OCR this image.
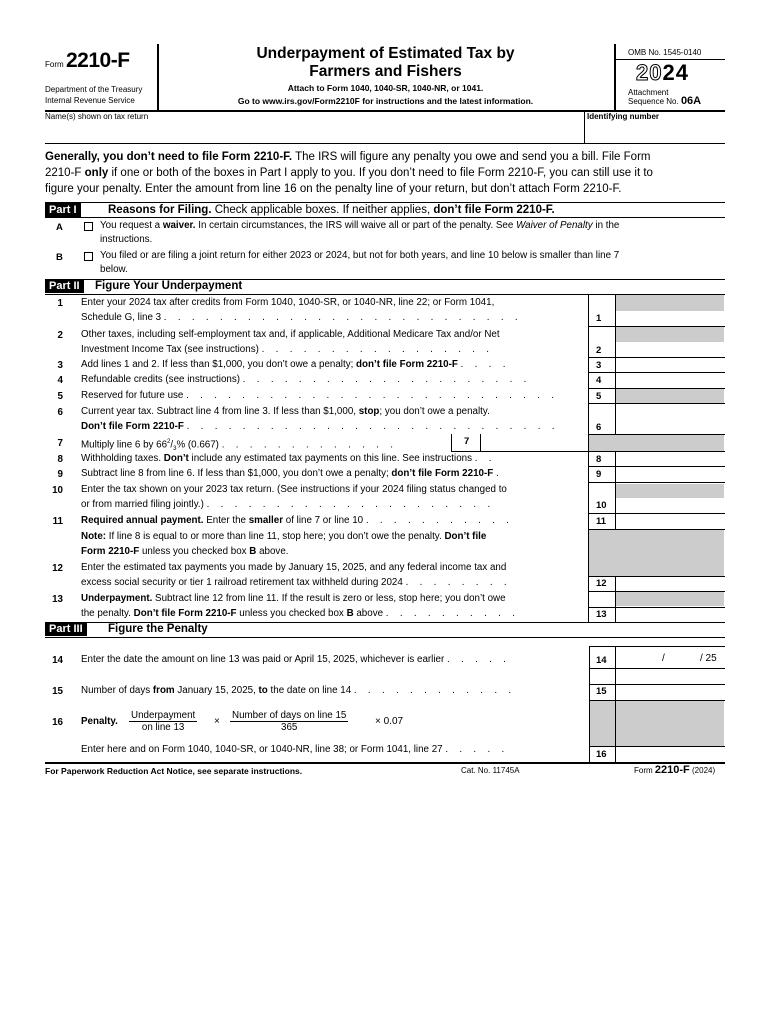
Form 2210-F
Department of the Treasury
Internal Revenue Service
Underpayment of Estimated Tax by
Farmers and Fishers
Attach to Form 1040, 1040-SR, 1040-NR, or 1041.
Go to www.irs.gov/Form2210F for instructions and the latest information.
OMB No. 1545-0140
2024
Attachment
Sequence No. 06A
Name(s) shown on tax return	Identifying number
Generally, you don’t need to file Form 2210-F. The IRS will figure any penalty you owe and send you a bill. File Form
2210-F only if one or both of the boxes in Part I apply to you. If you don’t need to file Form 2210-F, you can still use it to
figure your penalty. Enter the amount from line 16 on the penalty line of your return, but don’t attach Form 2210-F.
Part I	Reasons for Filing. Check applicable boxes. If neither applies, don’t file Form 2210-F.
A	You request a waiver. In certain circumstances, the IRS will waive all or part of the penalty. See Waiver of Penalty in the
instructions.
B	You filed or are filing a joint return for either 2023 or 2024, but not for both years, and line 10 below is smaller than line 7
below.
Part II	Figure Your Underpayment
1 Enter your 2024 tax after credits from Form 1040, 1040-SR, or 1040-NR, line 22; or Form 1041,
Schedule G, line 3 . . . . . . . . . . . . . . . . . . . . . . . . . .	1
2 Other taxes, including self-employment tax and, if applicable, Additional Medicare Tax and/or Net
Investment Income Tax (see instructions) . . . . . . . . . . . . . . . . .	2
3 Add lines 1 and 2. If less than $1,000, you don’t owe a penalty; don’t file Form 2210-F . . . .	3
4 Refundable credits (see instructions) . . . . . . . . . . . . . . . . . . . . .	4
5 Reserved for future use . . . . . . . . . . . . . . . . . . . . . . . . . . .	5
6 Current year tax. Subtract line 4 from line 3. If less than $1,000, stop; you don’t owe a penalty.
Don’t file Form 2210-F . . . . . . . . . . . . . . . . . . . . . . . . . . .	6
7 Multiply line 6 by $66^2/_3\%$ (0.667) . . . . . . . . . . . . .	7
8 Withholding taxes. Don’t include any estimated tax payments on this line. See instructions . .	8
9 Subtract line 8 from line 6. If less than $1,000, you don’t owe a penalty; don’t file Form 2210-F .	9
10 Enter the tax shown on your 2023 tax return. (See instructions if your 2024 filing status changed to
or from married filing jointly.) . . . . . . . . . . . . . . . . . . . . .	10
11 Required annual payment. Enter the smaller of line 7 or line 10 . . . . . . . . . . .	11
Note: If line 8 is equal to or more than line 11, stop here; you don’t owe the penalty. Don’t file
Form 2210-F unless you checked box B above.
12 Enter the estimated tax payments you made by January 15, 2025, and any federal income tax and
excess social security or tier 1 railroad retirement tax withheld during 2024 . . . . . . . .	12
13 Underpayment. Subtract line 12 from line 11. If the result is zero or less, stop here; you don’t owe
the penalty. Don’t file Form 2210-F unless you checked box B above . . . . . . . . . .	13
Part III	Figure the Penalty
14 Enter the date the amount on line 13 was paid or April 15, 2025, whichever is earlier . . . . .	14	/	/ 25
15 Number of days from January 15, 2025, to the date on line 14 . . . . . . . . . . . .	15
16 Penalty. $\frac{\text{Underpayment}}{\text{on line 13}} \times \frac{\text{Number of days on line 15}}{365}$	× 0.07
Enter here and on Form 1040, 1040-SR, or 1040-NR, line 38; or Form 1041, line 27 . . . . .	16
For Paperwork Reduction Act Notice, see separate instructions.	Cat. No. 11745A	Form 2210-F (2024)
